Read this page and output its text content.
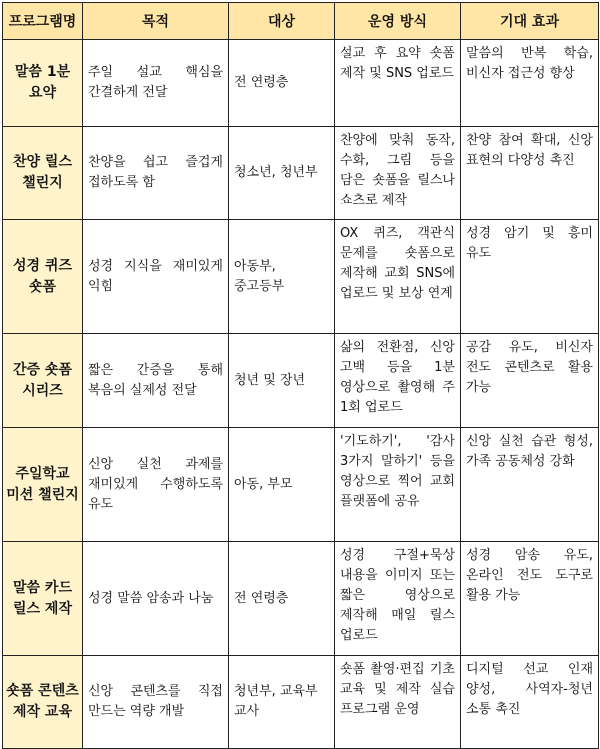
프로그램명	목적	대상	운영 방식	기대 효과
말씀 1분 요약	주일 설교 핵심을 간결하게 전달	전 연령층	설교 후 요약 숏폼 제작 및 SNS 업로드	말씀의 반복 학습, 비신자 접근성 향상
찬양 릴스 챌린지	찬양을 쉽고 즐겁게 접하도록 함	청소년, 청년부	찬양에 맞춰 동작, 수화, 그림 등을 담은 숏폼을 릴스나 쇼츠로 제작	찬양 참여 확대, 신앙 표현의 다양성 촉진
성경 퀴즈 숏폼	성경 지식을 재미있게 익힘	아동부, 중고등부	OX 퀴즈, 객관식 문제를 숏폼으로 제작해 교회 SNS에 업로드 및 보상 연계	성경 암기 및 흥미 유도
간증 숏폼 시리즈	짧은 간증을 통해 복음의 실제성 전달	청년 및 장년	삶의 전환점, 신앙 고백 등을 1분 영상으로 촬영해 주 1회 업로드	공감 유도, 비신자 전도 콘텐츠로 활용 가능
주일학교 미션 챌린지	신앙 실천 과제를 재미있게 수행하도록 유도	아동, 부모	'기도하기', '감사 3가지 말하기' 등을 영상으로 찍어 교회 플랫폼에 공유	신앙 실천 습관 형성, 가족 공동체성 강화
말씀 카드 릴스 제작	성경 말씀 암송과 나눔	전 연령층	성경 구절+묵상 내용을 이미지 또는 짧은 영상으로 제작해 매일 릴스 업로드	성경 암송 유도, 온라인 전도 도구로 활용 가능
숏폼 콘텐츠 제작 교육	신앙 콘텐츠를 직접 만드는 역량 개발	청년부, 교육부 교사	숏폼 촬영·편집 기초 교육 및 제작 실습 프로그램 운영	디지털 선교 인재 양성, 사역자-청년 소통 촉진
